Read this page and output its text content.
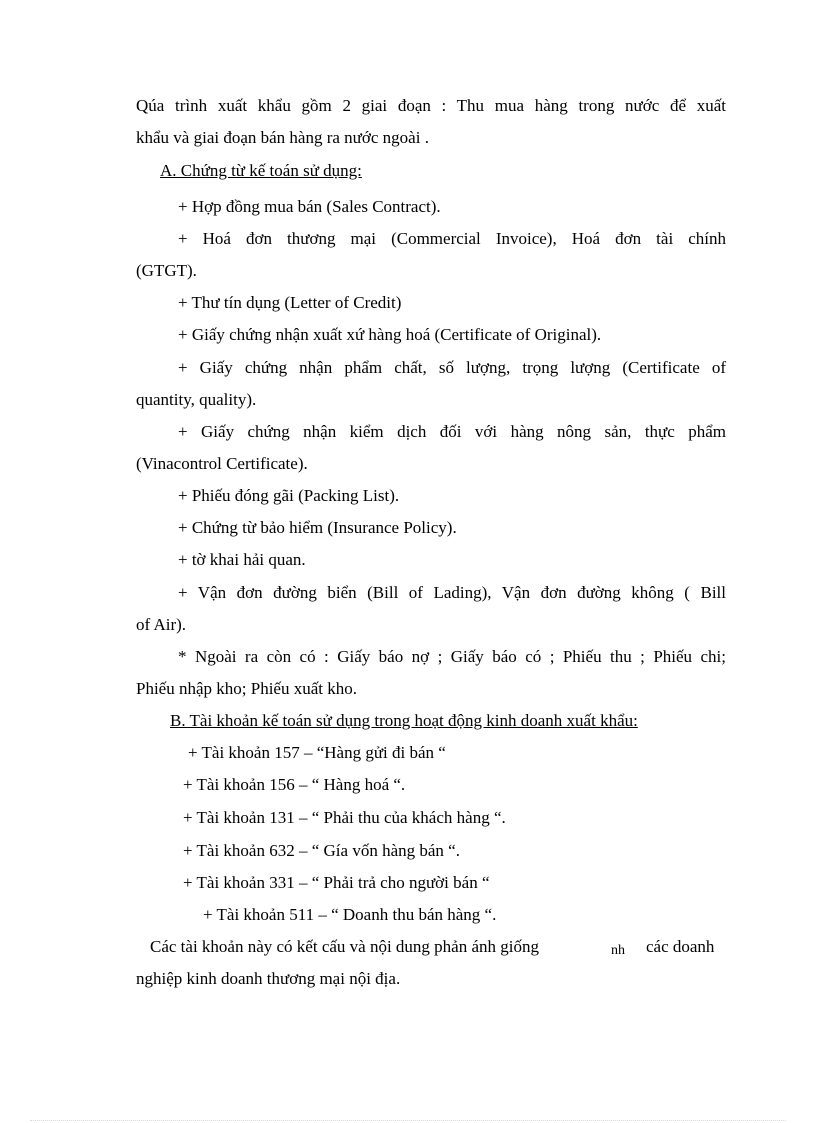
Qúa trình xuất khẩu gồm 2 giai đoạn : Thu mua hàng trong nước để xuất

khẩu và giai đoạn bán hàng ra nước ngoài .

A. Chứng từ kế toán sử dụng:

+ Hợp đồng mua bán (Sales Contract).

+ Hoá đơn thương mại (Commercial Invoice), Hoá đơn tài chính

(GTGT).

+ Thư tín dụng (Letter of Credit)

+ Giấy chứng nhận xuất xứ hàng hoá (Certificate of Original).

+ Giấy chứng nhận phẩm chất, số lượng, trọng lượng (Certificate of

quantity, quality).

+ Giấy chứng nhận kiểm dịch đối với hàng nông sản, thực phẩm

(Vinacontrol Certificate).

+ Phiếu đóng gãi (Packing List).

+ Chứng từ bảo hiểm (Insurance Policy).

+ tờ khai hải quan.

+ Vận đơn đường biển (Bill of Lading), Vận đơn đường không ( Bill

of Air).

* Ngoài ra còn có : Giấy báo nợ ; Giấy báo có ; Phiếu thu ; Phiếu chi;

Phiếu nhập kho; Phiếu xuất kho.

B. Tài khoản kế toán sử dụng trong hoạt động kinh doanh xuất khẩu:

+ Tài khoản 157 – “Hàng gửi đi bán “

+ Tài khoản 156 – “ Hàng hoá “.

+ Tài khoản 131 – “ Phải thu của khách hàng “.

+ Tài khoản 632 – “ Gía vốn hàng bán “.

+ Tài khoản 331 – “ Phải trả cho người bán “

+ Tài khoản 511 – “ Doanh thu bán hàng “.

Các tài khoản này có kết cấu và nội dung phản ánh giống	nh các doanh

nghiệp kinh doanh thương mại nội địa.
